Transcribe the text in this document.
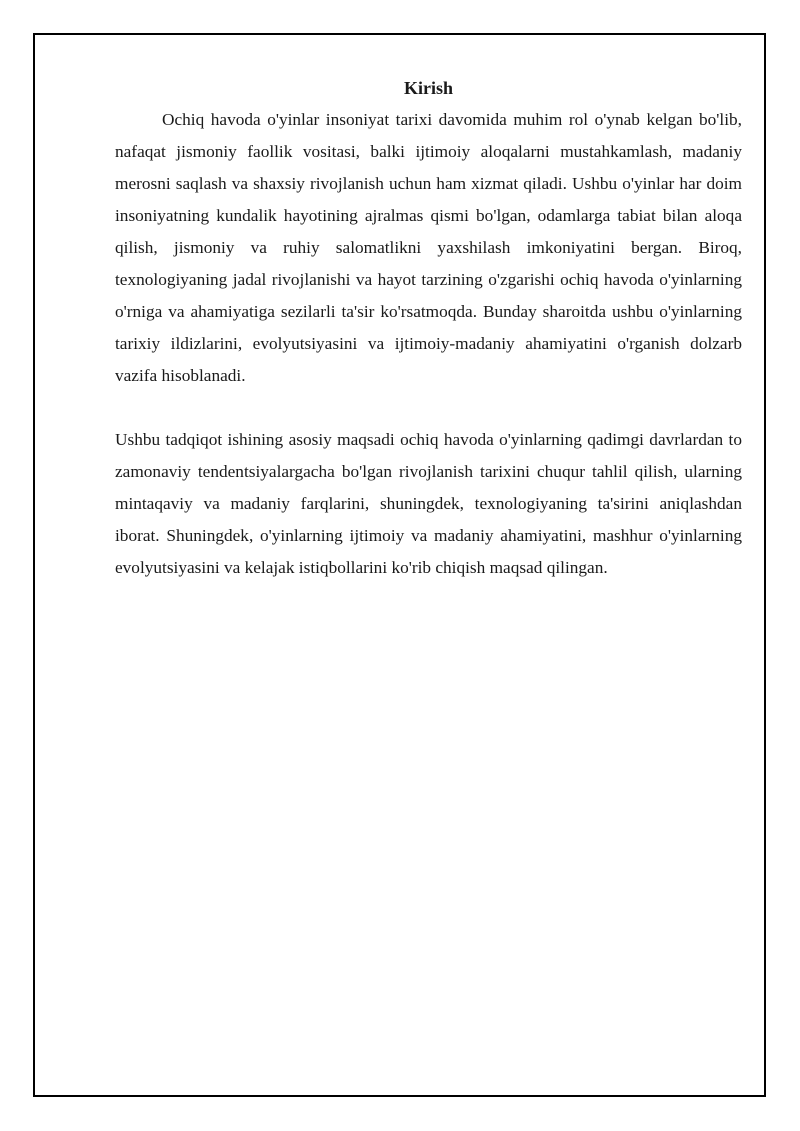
Kirish

Ochiq havoda o'yinlar insoniyat tarixi davomida muhim rol o'ynab kelgan bo'lib, nafaqat jismoniy faollik vositasi, balki ijtimoiy aloqalarni mustahkamlash, madaniy merosni saqlash va shaxsiy rivojlanish uchun ham xizmat qiladi. Ushbu o'yinlar har doim insoniyatning kundalik hayotining ajralmas qismi bo'lgan, odamlarga tabiat bilan aloqa qilish, jismoniy va ruhiy salomatlikni yaxshilash imkoniyatini bergan. Biroq, texnologiyaning jadal rivojlanishi va hayot tarzining o'zgarishi ochiq havoda o'yinlarning o'rniga va ahamiyatiga sezilarli ta'sir ko'rsatmoqda. Bunday sharoitda ushbu o'yinlarning tarixiy ildizlarini, evolyutsiyasini va ijtimoiy-madaniy ahamiyatini o'rganish dolzarb vazifa hisoblanadi.

Ushbu tadqiqot ishining asosiy maqsadi ochiq havoda o'yinlarning qadimgi davrlardan to zamonaviy tendentsiyalargacha bo'lgan rivojlanish tarixini chuqur tahlil qilish, ularning mintaqaviy va madaniy farqlarini, shuningdek, texnologiyaning ta'sirini aniqlashdan iborat. Shuningdek, o'yinlarning ijtimoiy va madaniy ahamiyatini, mashhur o'yinlarning evolyutsiyasini va kelajak istiqbollarini ko'rib chiqish maqsad qilingan.
